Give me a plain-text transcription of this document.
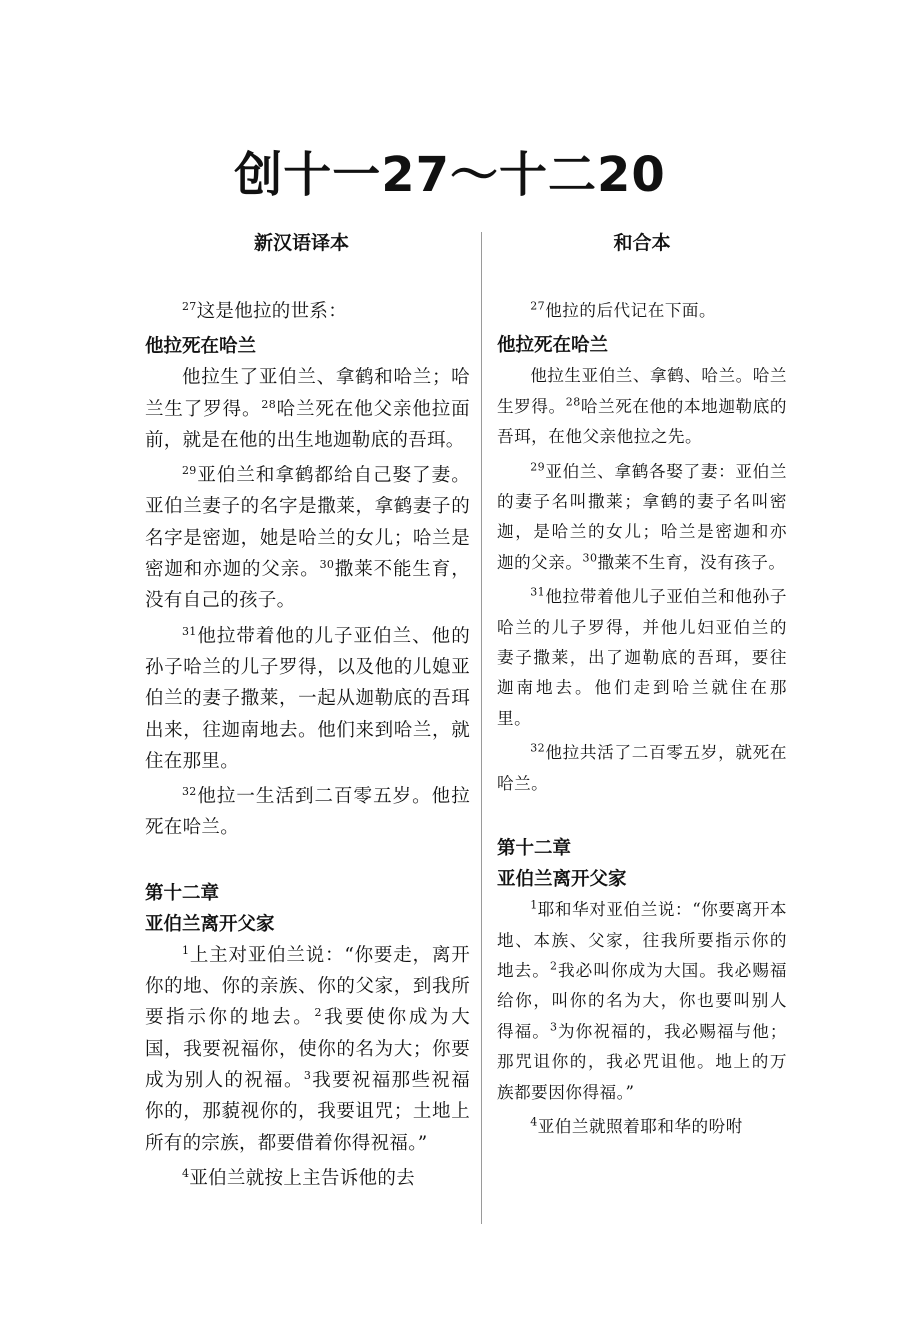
创十一27～十二20
新汉语译本

$^{27}$这是他拉的世系：

他拉死在哈兰

他拉生了亚伯兰、拿鹤和哈兰；哈兰生了罗得。$^{28}$哈兰死在他父亲他拉面前，就是在他的出生地迦勒底的吾珥。

$^{29}$亚伯兰和拿鹤都给自己娶了妻。亚伯兰妻子的名字是撒莱，拿鹤妻子的名字是密迦，她是哈兰的女儿；哈兰是密迦和亦迦的父亲。$^{30}$撒莱不能生育，没有自己的孩子。

$^{31}$他拉带着他的儿子亚伯兰、他的孙子哈兰的儿子罗得，以及他的儿媳亚伯兰的妻子撒莱，一起从迦勒底的吾珥出来，往迦南地去。他们来到哈兰，就住在那里。

$^{32}$他拉一生活到二百零五岁。他拉死在哈兰。

第十二章

亚伯兰离开父家

$^1$上主对亚伯兰说：“你要走，离开你的地、你的亲族、你的父家，到我所要指示你的地去。$^2$我要使你成为大国，我要祝福你，使你的名为大；你要成为别人的祝福。$^3$我要祝福那些祝福你的，那藐视你的，我要诅咒；土地上所有的宗族，都要借着你得祝福。”

$^4$亚伯兰就按上主告诉他的去

和合本

$^{27}$他拉的后代记在下面。

他拉死在哈兰

他拉生亚伯兰、拿鹤、哈兰。哈兰生罗得。$^{28}$哈兰死在他的本地迦勒底的吾珥，在他父亲他拉之先。

$^{29}$亚伯兰、拿鹤各娶了妻：亚伯兰的妻子名叫撒莱；拿鹤的妻子名叫密迦，是哈兰的女儿；哈兰是密迦和亦迦的父亲。$^{30}$撒莱不生育，没有孩子。

$^{31}$他拉带着他儿子亚伯兰和他孙子哈兰的儿子罗得，并他儿妇亚伯兰的妻子撒莱，出了迦勒底的吾珥，要往迦南地去。他们走到哈兰就住在那里。

$^{32}$他拉共活了二百零五岁，就死在哈兰。

第十二章

亚伯兰离开父家

$^1$耶和华对亚伯兰说：“你要离开本地、本族、父家，往我所要指示你的地去。$^2$我必叫你成为大国。我必赐福给你，叫你的名为大，你也要叫别人得福。$^3$为你祝福的，我必赐福与他；那咒诅你的，我必咒诅他。地上的万族都要因你得福。”

$^4$亚伯兰就照着耶和华的吩咐
